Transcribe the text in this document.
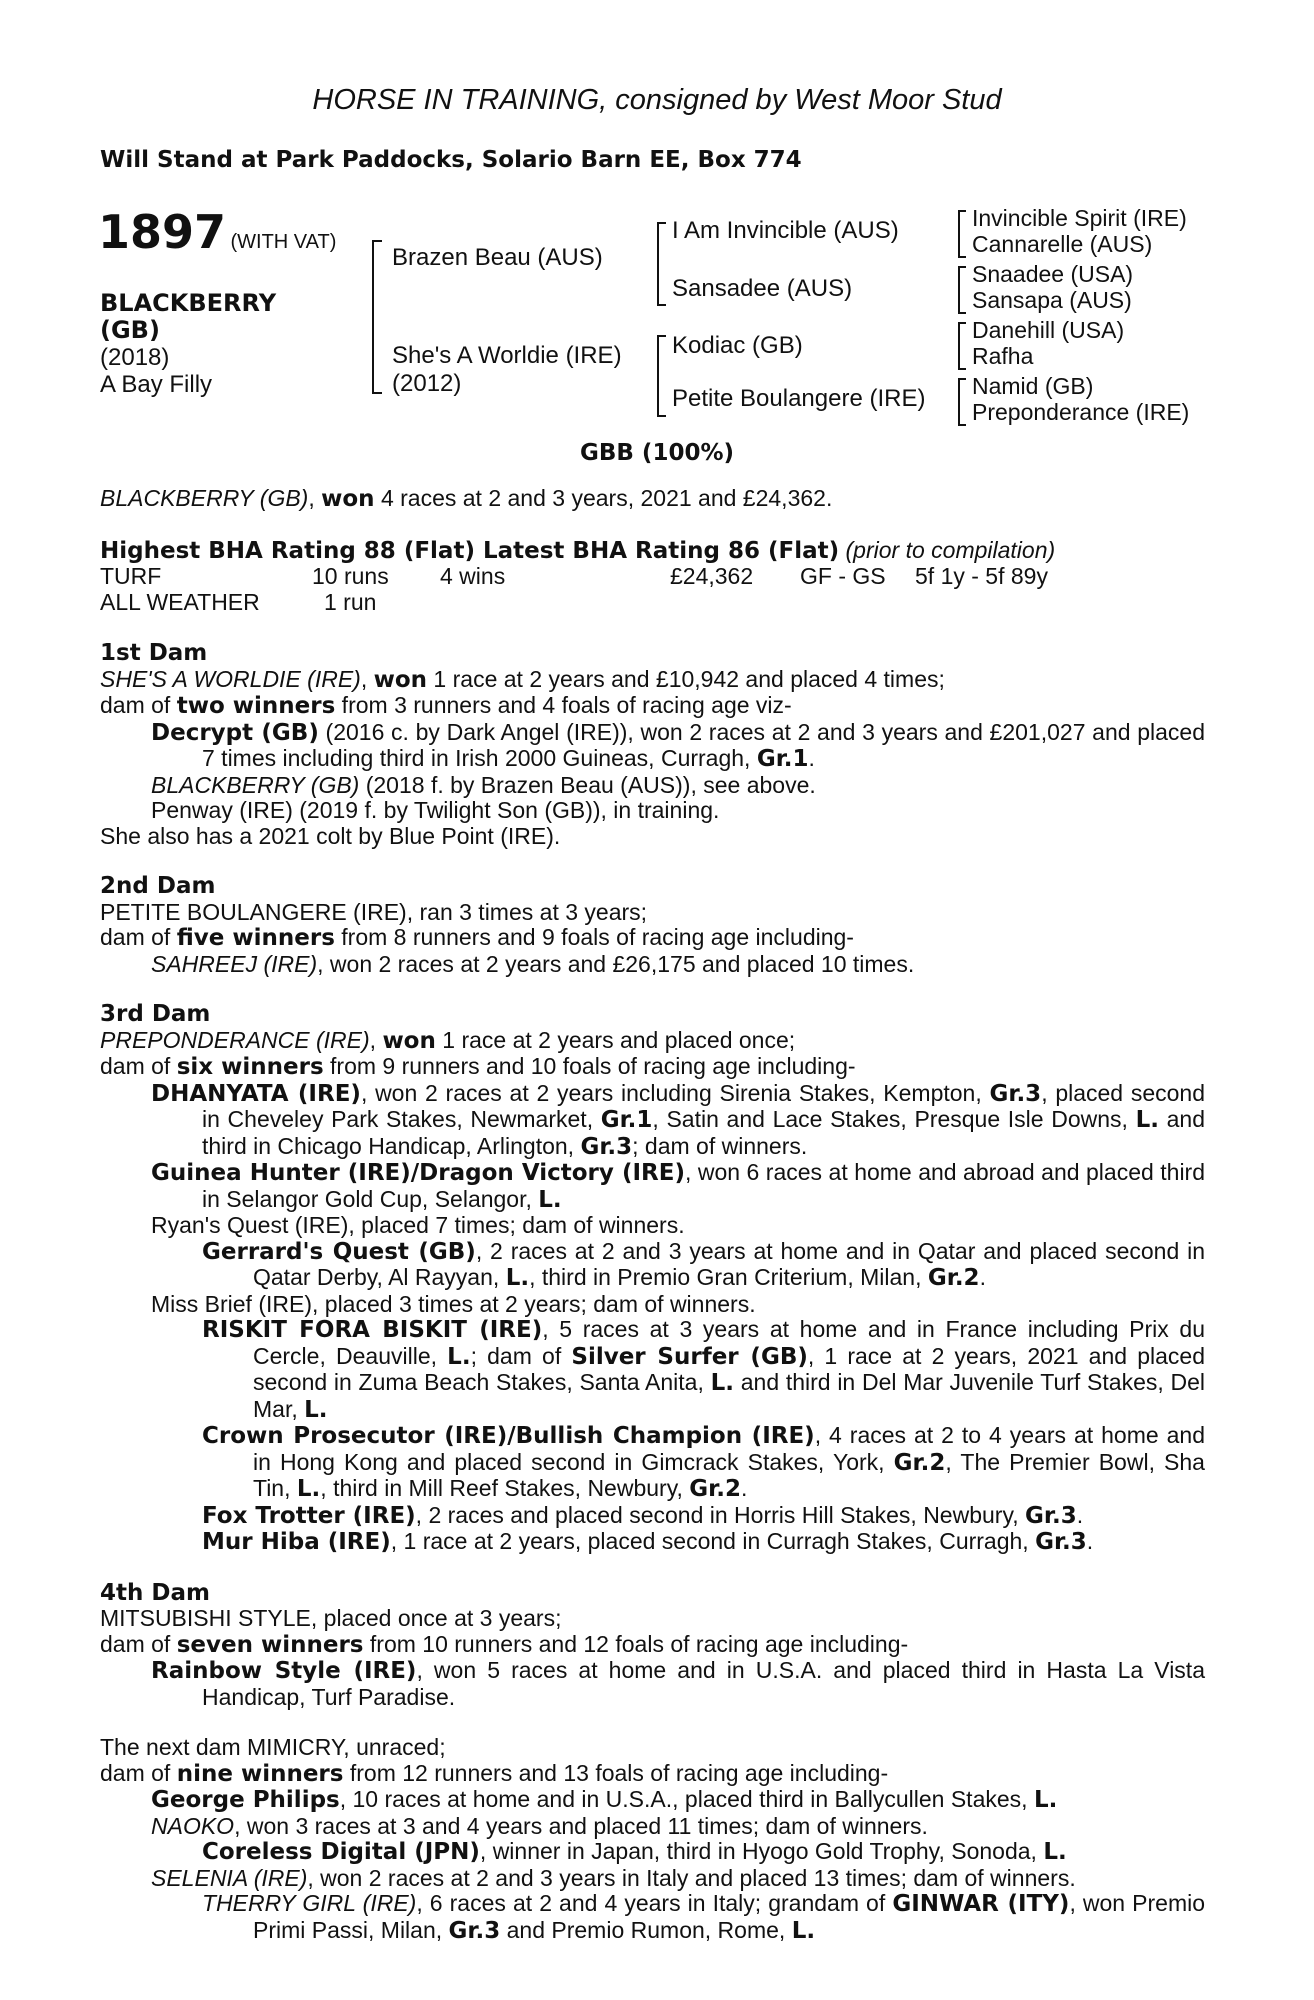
HORSE IN TRAINING, consigned by West Moor Stud
Will Stand at Park Paddocks, Solario Barn EE, Box 774
1897 (WITH VAT)
BLACKBERRY
(GB)
(2018)
A Bay Filly
Brazen Beau (AUS)
She's A Worldie (IRE)
(2012)
I Am Invincible (AUS)
Sansadee (AUS)
Kodiac (GB)
Petite Boulangere (IRE)
Invincible Spirit (IRE)
Cannarelle (AUS)
Snaadee (USA)
Sansapa (AUS)
Danehill (USA)
Rafha
Namid (GB)
Preponderance (IRE)
GBB (100%)
BLACKBERRY (GB), won 4 races at 2 and 3 years, 2021 and £24,362.
Highest BHA Rating 88 (Flat) Latest BHA Rating 86 (Flat) (prior to compilation)
TURF	10 runs 4 wins	£24,362 GF - GS 5f 1y - 5f 89y
ALL WEATHER	1 run

1st Dam

SHE'S A WORLDIE (IRE), won 1 race at 2 years and £10,942 and placed 4 times;

dam of two winners from 3 runners and 4 foals of racing age viz-

Decrypt (GB) (2016 c. by Dark Angel (IRE)), won 2 races at 2 and 3 years and £201,027 and placed 7 times including third in Irish 2000 Guineas, Curragh, Gr.1.

BLACKBERRY (GB) (2018 f. by Brazen Beau (AUS)), see above.

Penway (IRE) (2019 f. by Twilight Son (GB)), in training.

She also has a 2021 colt by Blue Point (IRE).

2nd Dam

PETITE BOULANGERE (IRE), ran 3 times at 3 years;

dam of five winners from 8 runners and 9 foals of racing age including-

SAHREEJ (IRE), won 2 races at 2 years and £26,175 and placed 10 times.

3rd Dam

PREPONDERANCE (IRE), won 1 race at 2 years and placed once;

dam of six winners from 9 runners and 10 foals of racing age including-

DHANYATA (IRE), won 2 races at 2 years including Sirenia Stakes, Kempton, Gr.3, placed second in Cheveley Park Stakes, Newmarket, Gr.1, Satin and Lace Stakes, Presque Isle Downs, L. and third in Chicago Handicap, Arlington, Gr.3; dam of winners.

Guinea Hunter (IRE)/Dragon Victory (IRE), won 6 races at home and abroad and placed third in Selangor Gold Cup, Selangor, L.

Ryan's Quest (IRE), placed 7 times; dam of winners.

Gerrard's Quest (GB), 2 races at 2 and 3 years at home and in Qatar and placed second in Qatar Derby, Al Rayyan, L., third in Premio Gran Criterium, Milan, Gr.2.

Miss Brief (IRE), placed 3 times at 2 years; dam of winners.

RISKIT FORA BISKIT (IRE), 5 races at 3 years at home and in France including Prix du Cercle, Deauville, L.; dam of Silver Surfer (GB), 1 race at 2 years, 2021 and placed second in Zuma Beach Stakes, Santa Anita, L. and third in Del Mar Juvenile Turf Stakes, Del Mar, L.

Crown Prosecutor (IRE)/Bullish Champion (IRE), 4 races at 2 to 4 years at home and in Hong Kong and placed second in Gimcrack Stakes, York, Gr.2, The Premier Bowl, Sha Tin, L., third in Mill Reef Stakes, Newbury, Gr.2.

Fox Trotter (IRE), 2 races and placed second in Horris Hill Stakes, Newbury, Gr.3.

Mur Hiba (IRE), 1 race at 2 years, placed second in Curragh Stakes, Curragh, Gr.3.

4th Dam

MITSUBISHI STYLE, placed once at 3 years;

dam of seven winners from 10 runners and 12 foals of racing age including-

Rainbow Style (IRE), won 5 races at home and in U.S.A. and placed third in Hasta La Vista Handicap, Turf Paradise.

The next dam MIMICRY, unraced;

dam of nine winners from 12 runners and 13 foals of racing age including-

George Philips, 10 races at home and in U.S.A., placed third in Ballycullen Stakes, L.

NAOKO, won 3 races at 3 and 4 years and placed 11 times; dam of winners.

Coreless Digital (JPN), winner in Japan, third in Hyogo Gold Trophy, Sonoda, L.

SELENIA (IRE), won 2 races at 2 and 3 years in Italy and placed 13 times; dam of winners.

THERRY GIRL (IRE), 6 races at 2 and 4 years in Italy; grandam of GINWAR (ITY), won Premio Primi Passi, Milan, Gr.3 and Premio Rumon, Rome, L.
